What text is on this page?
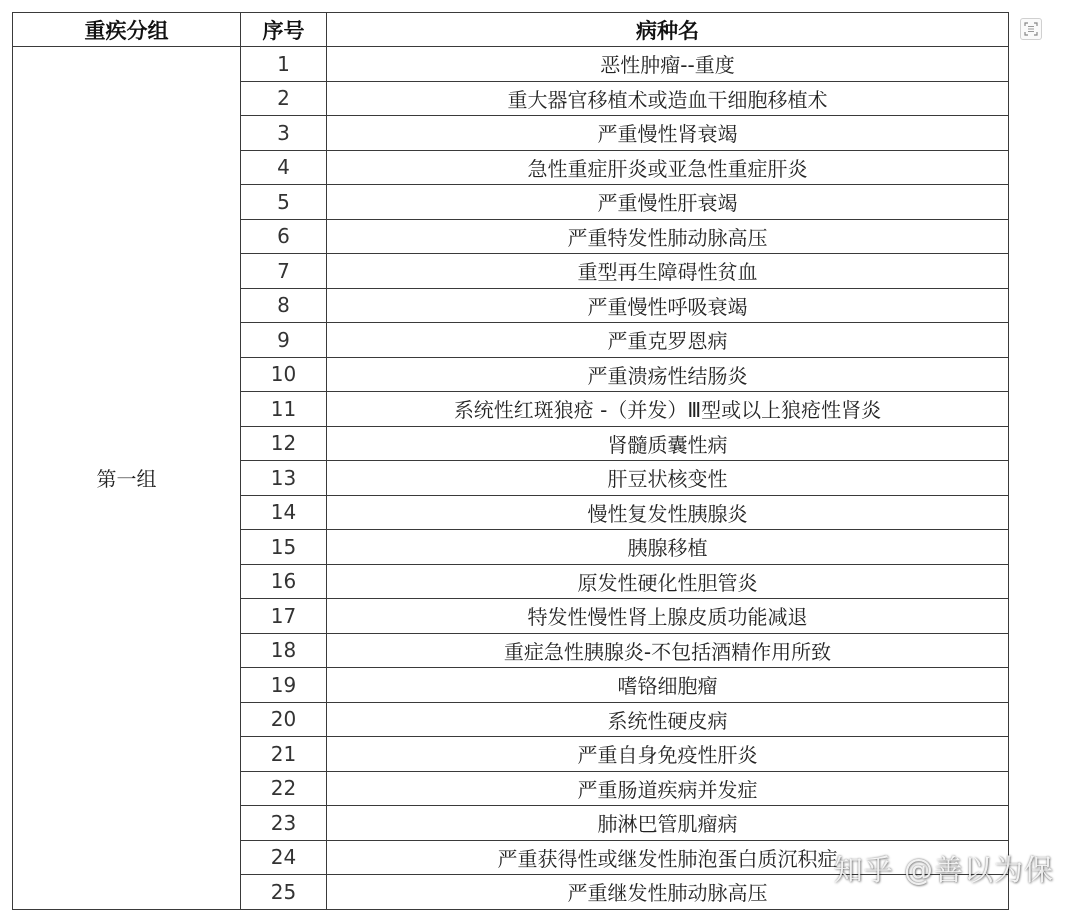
重疾分组	序号	病种名
第一组	1	恶性肿瘤--重度
	2	重大器官移植术或造血干细胞移植术
	3	严重慢性肾衰竭
	4	急性重症肝炎或亚急性重症肝炎
	5	严重慢性肝衰竭
	6	严重特发性肺动脉高压
	7	重型再生障碍性贫血
	8	严重慢性呼吸衰竭
	9	严重克罗恩病
	10	严重溃疡性结肠炎
	11	系统性红斑狼疮 -（并发）Ⅲ型或以上狼疮性肾炎
	12	肾髓质囊性病
	13	肝豆状核变性
	14	慢性复发性胰腺炎
	15	胰腺移植
	16	原发性硬化性胆管炎
	17	特发性慢性肾上腺皮质功能减退
	18	重症急性胰腺炎-不包括酒精作用所致
	19	嗜铬细胞瘤
	20	系统性硬皮病
	21	严重自身免疫性肝炎
	22	严重肠道疾病并发症
	23	肺淋巴管肌瘤病
	24	严重获得性或继发性肺泡蛋白质沉积症
	25	严重继发性肺动脉高压
知乎 @善以为保
